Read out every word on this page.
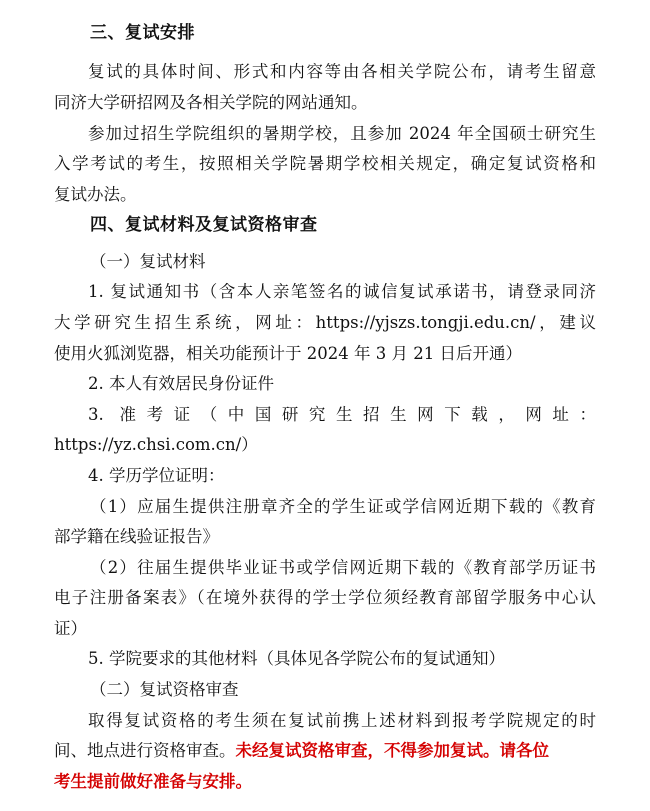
三、复试安排
复试的具体时间、形式和内容等由各相关学院公布，请考生留意
同济大学研招网及各相关学院的网站通知。
参加过招生学院组织的暑期学校，且参加 2024 年全国硕士研究生
入学考试的考生，按照相关学院暑期学校相关规定，确定复试资格和
复试办法。
四、复试材料及复试资格审查
（一）复试材料
1. 复试通知书（含本人亲笔签名的诚信复试承诺书，请登录同济
大学研究生招生系统，网址：https://yjszs.tongji.edu.cn/，建议
使用火狐浏览器，相关功能预计于 2024 年 3 月 21 日后开通）
2. 本人有效居民身份证件
3. 准考证（中国研究生招生网下载，网址：
https://yz.chsi.com.cn/）
4. 学历学位证明：
（1）应届生提供注册章齐全的学生证或学信网近期下载的《教育
部学籍在线验证报告》
（2）往届生提供毕业证书或学信网近期下载的《教育部学历证书
电子注册备案表》（在境外获得的学士学位须经教育部留学服务中心认
证）
5. 学院要求的其他材料（具体见各学院公布的复试通知）
（二）复试资格审查
取得复试资格的考生须在复试前携上述材料到报考学院规定的时
间、地点进行资格审查。未经复试资格审查，不得参加复试。请各位
考生提前做好准备与安排。
